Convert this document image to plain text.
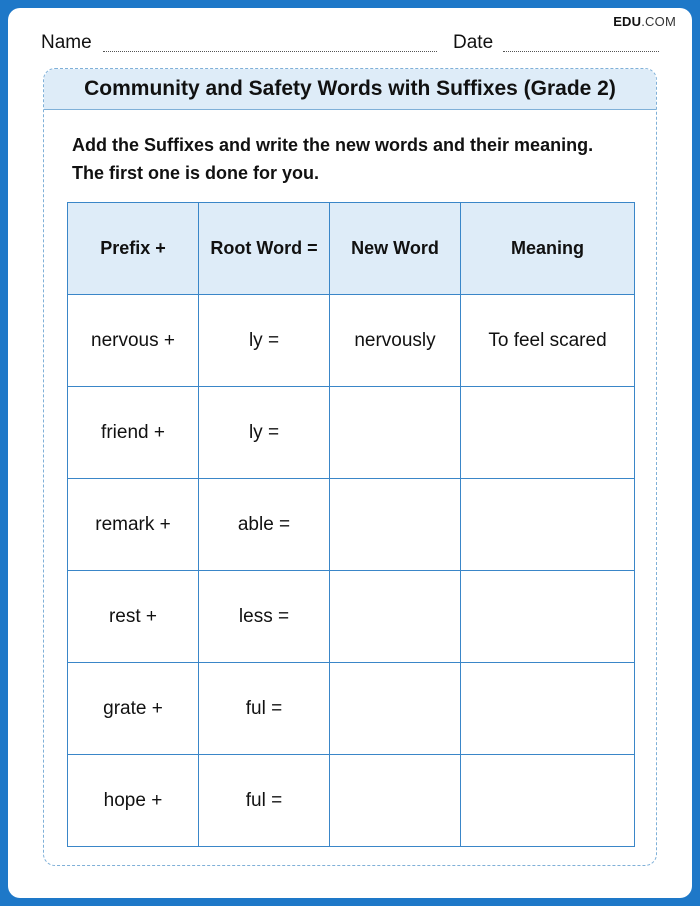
EDU.COM
Name	Date
Community and Safety Words with Suffixes (Grade 2)
Add the Suffixes and write the new words and their meaning.
The first one is done for you.
Prefix +	Root Word =	New Word	Meaning
nervous +	ly =	nervously	To feel scared
friend +	ly =		
remark +	able =		
rest +	less =		
grate +	ful =		
hope +	ful =		
